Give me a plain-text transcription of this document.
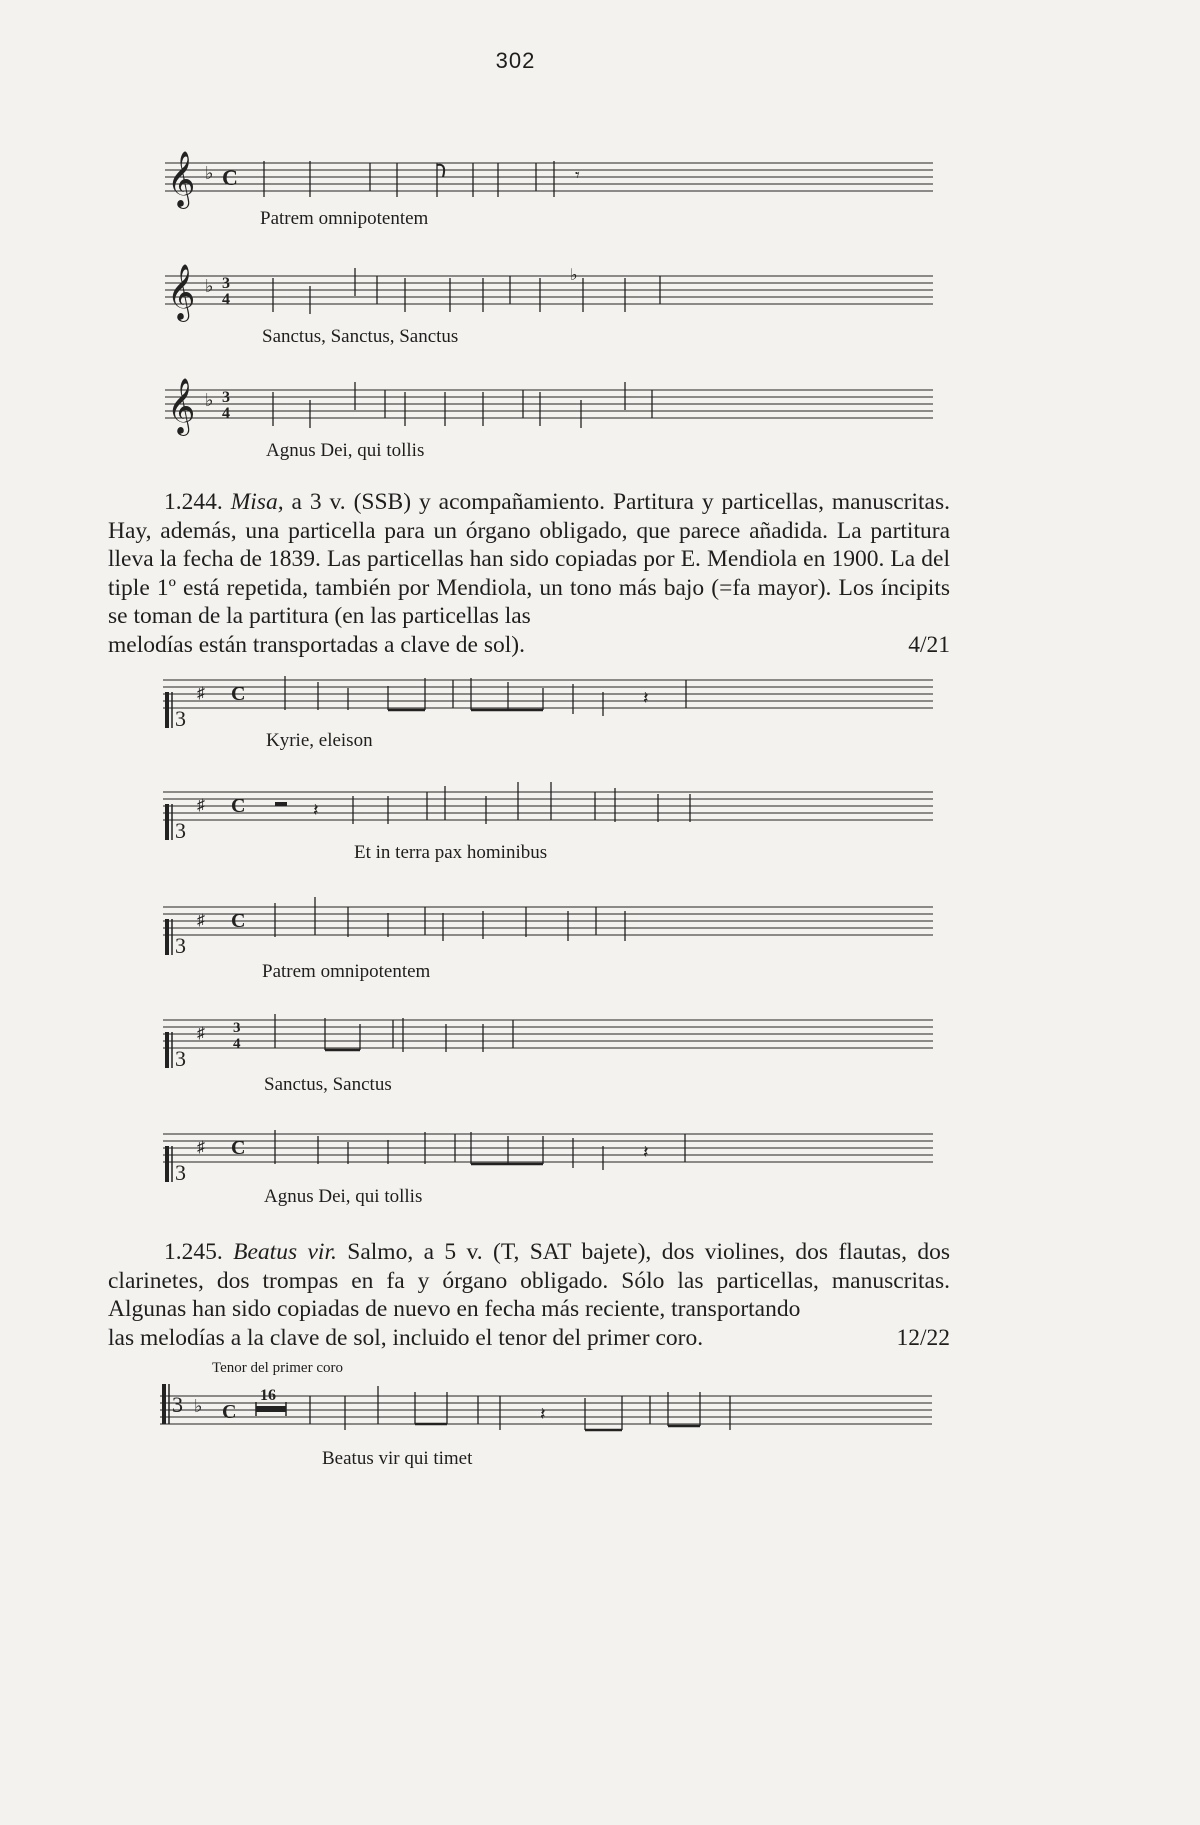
302
𝄞 ♭ C	𝄾
Patrem omnipotentem
𝄞 ♭ 3
4
♭
Sanctus, Sanctus, Sanctus
𝄞 ♭ 3
4
Agnus Dei, qui tollis

1.244. Misa, a 3 v. (SSB) y acompañamiento. Partitura y particellas, manuscritas. Hay, además, una particella para un órgano obligado, que parece añadida. La partitura lleva la fecha de 1839. Las particellas han sido copiadas por E. Mendiola en 1900. La del tiple 1º está repetida, también por Mendiola, un tono más bajo (=fa mayor). Los íncipits se toman de la partitura (en las particellas las

melodías están transportadas a clave de sol).	4/21
3
♯ C	𝄽
Kyrie, eleison
3
♯ C	𝄽
Et in terra pax hominibus
3
♯ C
Patrem omnipotentem
3
♯ 3
4
Sanctus, Sanctus
3
♯ C	𝄽
Agnus Dei, qui tollis

1.245. Beatus vir. Salmo, a 5 v. (T, SAT bajete), dos violines, dos flautas, dos clarinetes, dos trompas en fa y órgano obligado. Sólo las particellas, manuscritas. Algunas han sido copiadas de nuevo en fecha más reciente, transportando

las melodías a la clave de sol, incluido el tenor del primer coro.	12/22
Tenor del primer coro
3 ♭ C
16
𝄽
Beatus vir qui timet
